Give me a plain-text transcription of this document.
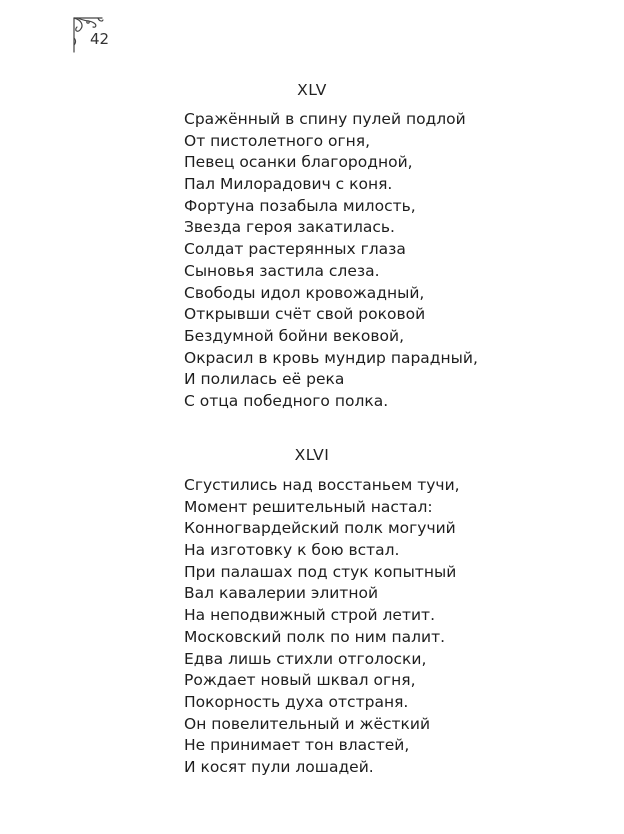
42
XLV
Сражённый в спину пулей подлой
От пистолетного огня,
Певец осанки благородной,
Пал Милорадович с коня.
Фортуна позабыла милость,
Звезда героя закатилась.
Солдат растерянных глаза
Сыновья застила слеза.
Свободы идол кровожадный,
Открывши счёт свой роковой
Бездумной бойни вековой,
Окрасил в кровь мундир парадный,
И полилась её река
С отца победного полка.
XLVI
Сгустились над восстаньем тучи,
Момент решительный настал:
Конногвардейский полк могучий
На изготовку к бою встал.
При палашах под стук копытный
Вал кавалерии элитной
На неподвижный строй летит.
Московский полк по ним палит.
Едва лишь стихли отголоски,
Рождает новый шквал огня,
Покорность духа отстраня.
Он повелительный и жёсткий
Не принимает тон властей,
И косят пули лошадей.
